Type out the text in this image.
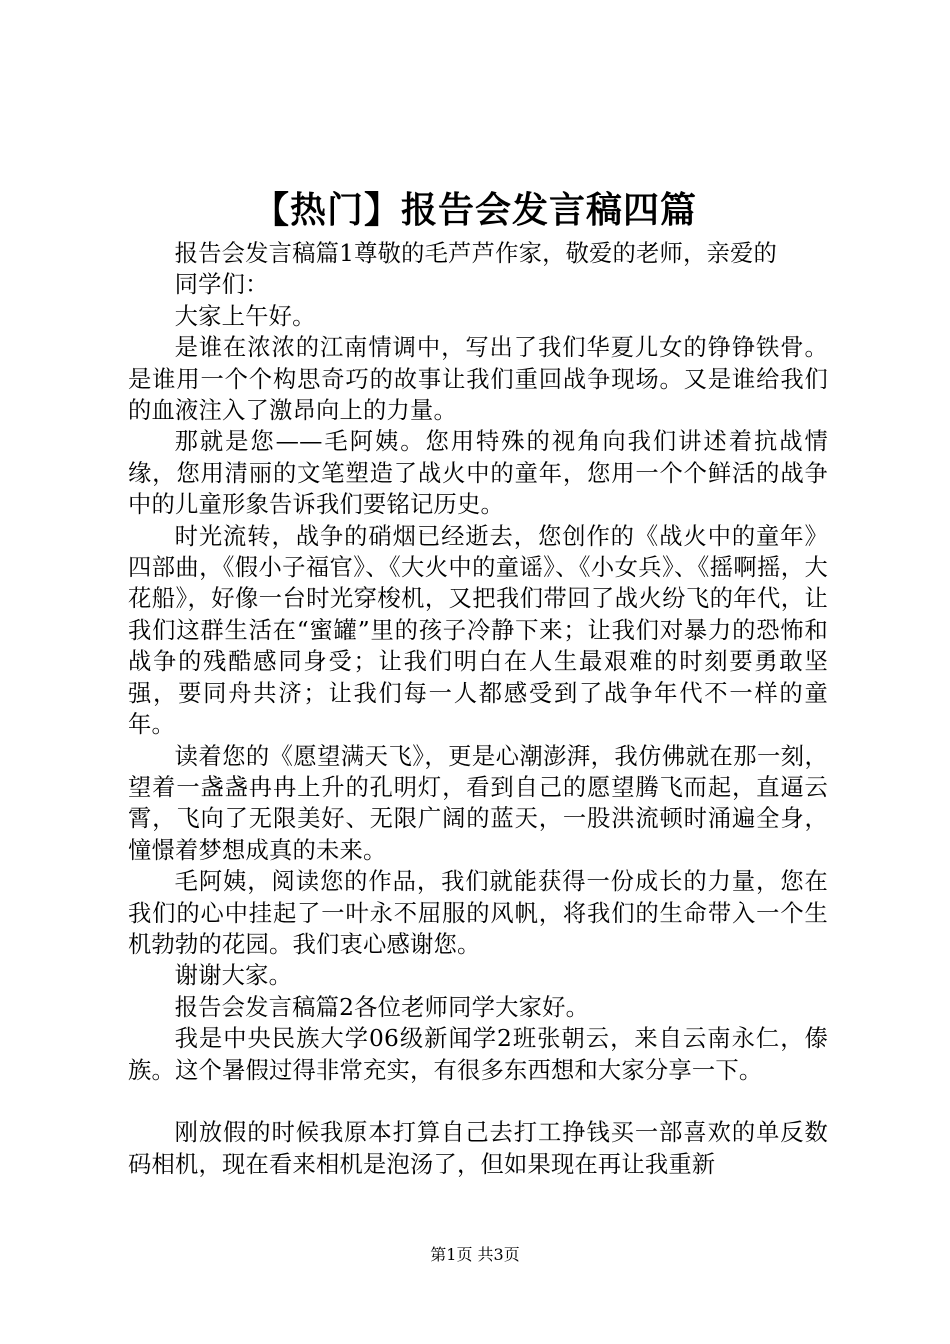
【热门】报告会发言稿四篇

报告会发言稿篇1尊敬的毛芦芦作家，敬爱的老师，亲爱的

同学们：

大家上午好。

是谁在浓浓的江南情调中，写出了我们华夏儿女的铮铮铁骨。是谁用一个个构思奇巧的故事让我们重回战争现场。又是谁给我们的血液注入了激昂向上的力量。

那就是您——毛阿姨。您用特殊的视角向我们讲述着抗战情缘，您用清丽的文笔塑造了战火中的童年，您用一个个鲜活的战争中的儿童形象告诉我们要铭记历史。

时光流转，战争的硝烟已经逝去，您创作的《战火中的童年》四部曲，《假小子福官》、《大火中的童谣》、《小女兵》、《摇啊摇，大花船》，好像一台时光穿梭机，又把我们带回了战火纷飞的年代，让我们这群生活在“蜜罐”里的孩子冷静下来；让我们对暴力的恐怖和战争的残酷感同身受；让我们明白在人生最艰难的时刻要勇敢坚强，要同舟共济；让我们每一人都感受到了战争年代不一样的童年。

读着您的《愿望满天飞》，更是心潮澎湃，我仿佛就在那一刻，望着一盏盏冉冉上升的孔明灯，看到自己的愿望腾飞而起，直逼云霄，飞向了无限美好、无限广阔的蓝天，一股洪流顿时涌遍全身，憧憬着梦想成真的未来。

毛阿姨，阅读您的作品，我们就能获得一份成长的力量，您在我们的心中挂起了一叶永不屈服的风帆，将我们的生命带入一个生机勃勃的花园。我们衷心感谢您。

谢谢大家。

报告会发言稿篇2各位老师同学大家好。

我是中央民族大学06级新闻学2班张朝云，来自云南永仁，傣族。这个暑假过得非常充实，有很多东西想和大家分享一下。

刚放假的时候我原本打算自己去打工挣钱买一部喜欢的单反数码相机，现在看来相机是泡汤了，但如果现在再让我重新

第1页 共3页
